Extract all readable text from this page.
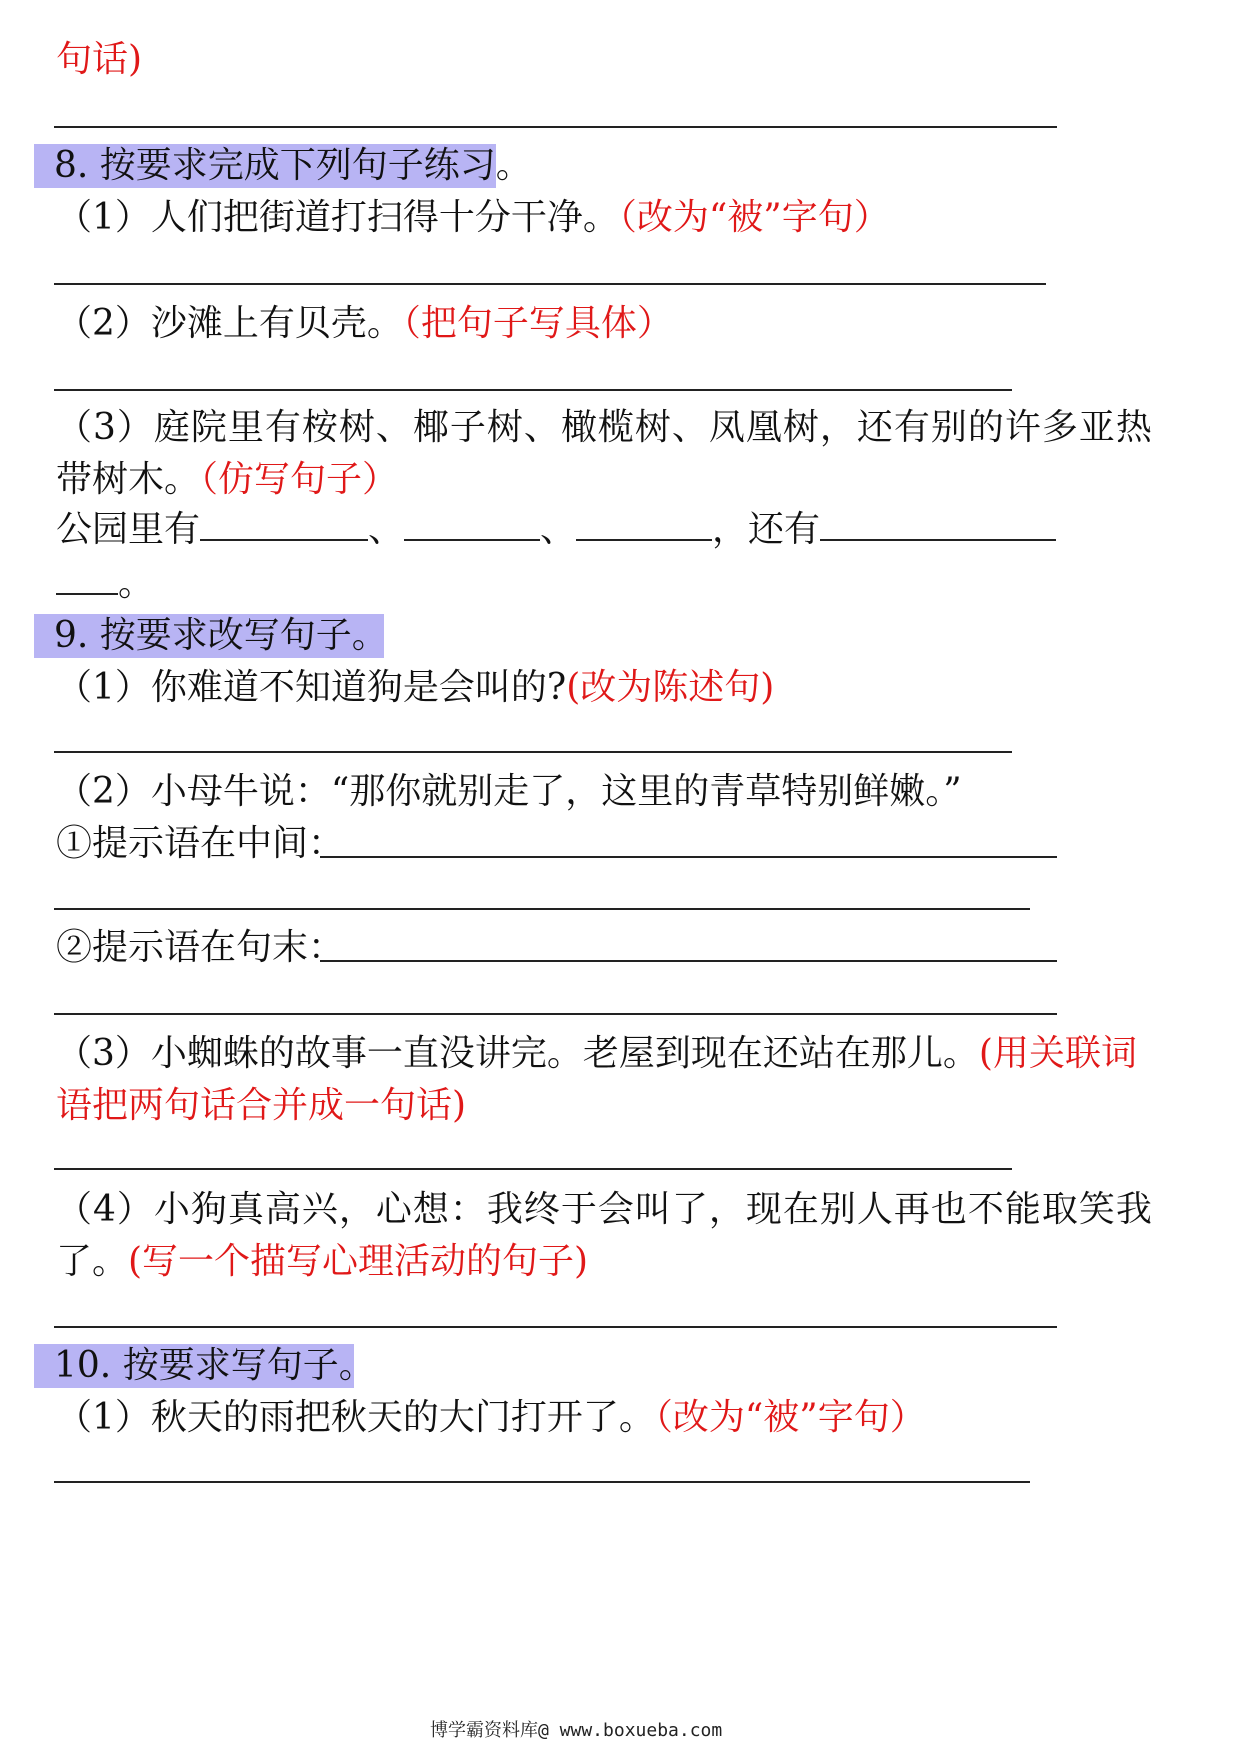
句话)
8. 按要求完成下列句子练习。
（1）人们把街道打扫得十分干净。（改为“被”字句）
（2）沙滩上有贝壳。（把句子写具体）
（3）庭院里有桉树、椰子树、橄榄树、凤凰树，还有别的许多亚热
带树木。（仿写句子）
公园里有	、	、	，还有
。
9. 按要求改写句子。
（1）你难道不知道狗是会叫的?(改为陈述句)
（2）小母牛说：“那你就别走了，这里的青草特别鲜嫩。”
①提示语在中间：
②提示语在句末：
（3）小蜘蛛的故事一直没讲完。老屋到现在还站在那儿。(用关联词
语把两句话合并成一句话)
（4）小狗真高兴，心想：我终于会叫了，现在别人再也不能取笑我
了。(写一个描写心理活动的句子)
10. 按要求写句子。
（1）秋天的雨把秋天的大门打开了。（改为“被”字句）
博学霸资料库@ www.boxueba.com
